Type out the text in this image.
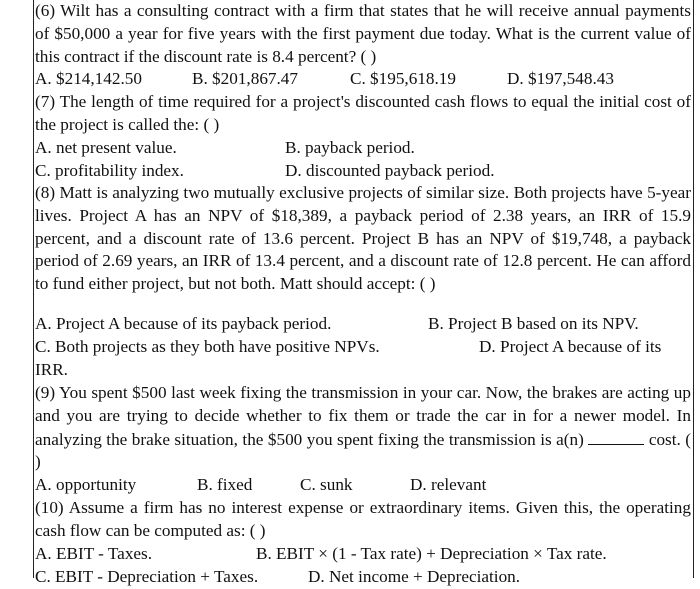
(6) Wilt has a consulting contract with a firm that states that he will receive annual payments of $50,000 a year for five years with the first payment due today. What is the current value of this contract if the discount rate is 8.4 percent? ( )
A. $214,142.50	B. $201,867.47	C. $195,618.19	D. $197,548.43
(7) The length of time required for a project's discounted cash flows to equal the initial cost of the project is called the: ( )
A. net present value.	B. payback period.
C. profitability index.	D. discounted payback period.
(8) Matt is analyzing two mutually exclusive projects of similar size. Both projects have 5-year lives. Project A has an NPV of $18,389, a payback period of 2.38 years, an IRR of 15.9 percent, and a discount rate of 13.6 percent. Project B has an NPV of $19,748, a payback period of 2.69 years, an IRR of 13.4 percent, and a discount rate of 12.8 percent. He can afford to fund either project, but not both. Matt should accept: ( )
A. Project A because of its payback period.	B. Project B based on its NPV.
C. Both projects as they both have positive NPVs.	D. Project A because of its
IRR.
(9) You spent $500 last week fixing the transmission in your car. Now, the brakes are acting up and you are trying to decide whether to fix them or trade the car in for a newer model. In analyzing the brake situation, the $500 you spent fixing the transmission is a(n)	cost. ( )
A. opportunity	B. fixed	C. sunk	D. relevant
(10) Assume a firm has no interest expense or extraordinary items. Given this, the operating cash flow can be computed as: ( )
A. EBIT - Taxes.	B. EBIT × (1 - Tax rate) + Depreciation × Tax rate.
C. EBIT - Depreciation + Taxes.	D. Net income + Depreciation.
